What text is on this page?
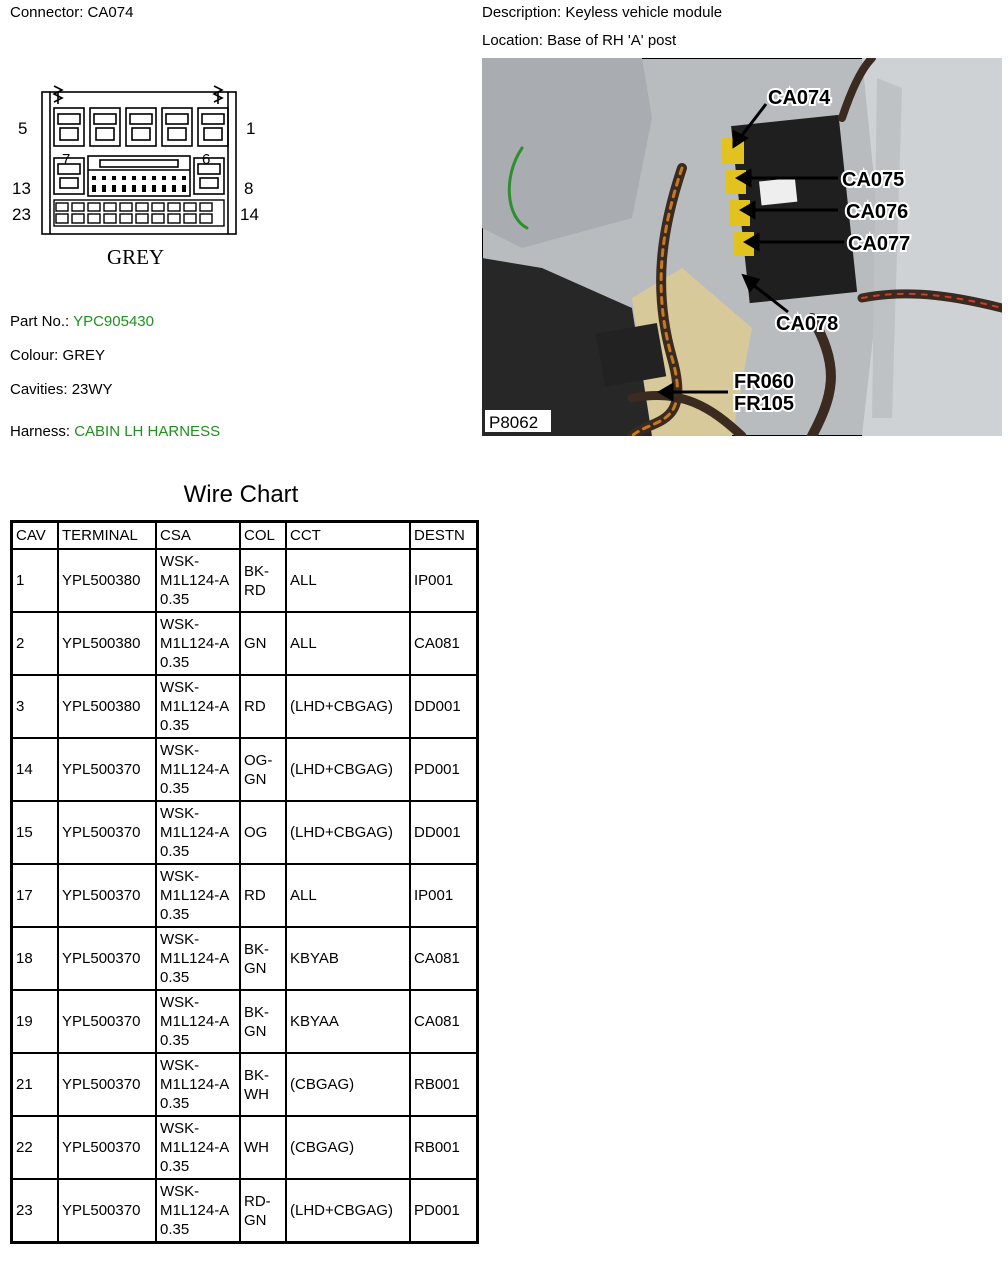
Connector: CA074	Description: Keyless vehicle module
Location: Base of RH 'A' post
5	1
7	6
13	8
23	14
GREY
CA074
CA075
CA076
CA077
CA078
FR060
FR105
P8062
Part No.: YPC905430
Colour: GREY
Cavities: 23WY
Harness: CABIN LH HARNESS
Wire Chart
CAV	TERMINAL	CSA	COL	CCT	DESTN
1	YPL500380	WSK-M1L124-A 0.35	BK-RD	ALL	IP001
2	YPL500380	WSK-M1L124-A 0.35	GN	ALL	CA081
3	YPL500380	WSK-M1L124-A 0.35	RD	(LHD+CBGAG)	DD001
14	YPL500370	WSK-M1L124-A 0.35	OG-GN	(LHD+CBGAG)	PD001
15	YPL500370	WSK-M1L124-A 0.35	OG	(LHD+CBGAG)	DD001
17	YPL500370	WSK-M1L124-A 0.35	RD	ALL	IP001
18	YPL500370	WSK-M1L124-A 0.35	BK-GN	KBYAB	CA081
19	YPL500370	WSK-M1L124-A 0.35	BK-GN	KBYAA	CA081
21	YPL500370	WSK-M1L124-A 0.35	BK-WH	(CBGAG)	RB001
22	YPL500370	WSK-M1L124-A 0.35	WH	(CBGAG)	RB001
23	YPL500370	WSK-M1L124-A 0.35	RD-GN	(LHD+CBGAG)	PD001
